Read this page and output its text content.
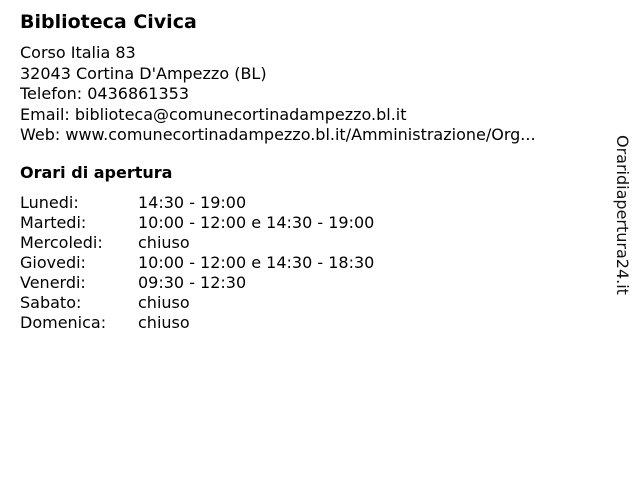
Biblioteca Civica
Corso Italia 83
32043 Cortina D'Ampezzo (BL)
Telefon: 0436861353
Email: biblioteca@comunecortinadampezzo.bl.it
Web: www.comunecortinadampezzo.bl.it/Amministrazione/Org...
Orari di apertura
Lunedi:	14:30 - 19:00
Martedi:	10:00 - 12:00 e 14:30 - 19:00
Mercoledi:	chiuso
Giovedi:	10:00 - 12:00 e 14:30 - 18:30
Venerdi:	09:30 - 12:30
Sabato:	chiuso
Domenica:	chiuso
Oraridiapertura24.it
